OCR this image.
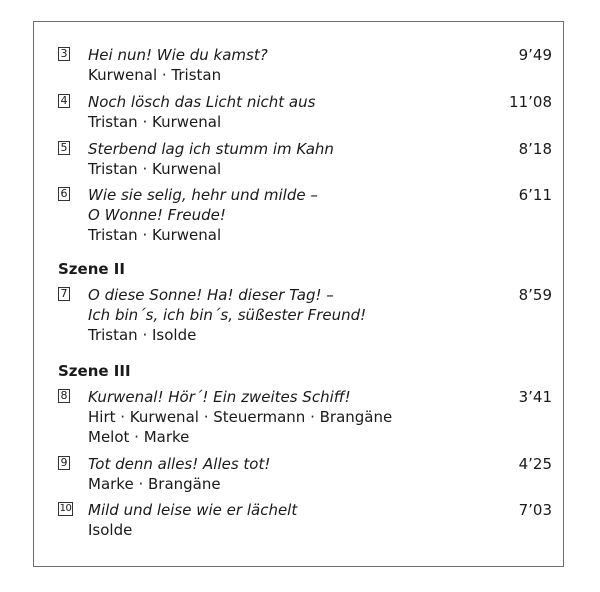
3 Hei nun! Wie du kamst?
Kurwenal · Tristan
9’49
4 Noch lösch das Licht nicht aus
Tristan · Kurwenal
11’08
5 Sterbend lag ich stumm im Kahn
Tristan · Kurwenal
8’18
6 Wie sie selig, hehr und milde –
O Wonne! Freude!
Tristan · Kurwenal
6’11
Szene II
7 O diese Sonne! Ha! dieser Tag! –
Ich bin´s, ich bin´s, süßester Freund!
Tristan · Isolde
8’59
Szene III
8 Kurwenal! Hör´! Ein zweites Schiff!
Hirt · Kurwenal · Steuermann · Brangäne
Melot · Marke
3’41
9 Tot denn alles! Alles tot!
Marke · Brangäne
4’25
10 Mild und leise wie er lächelt
Isolde
7’03
